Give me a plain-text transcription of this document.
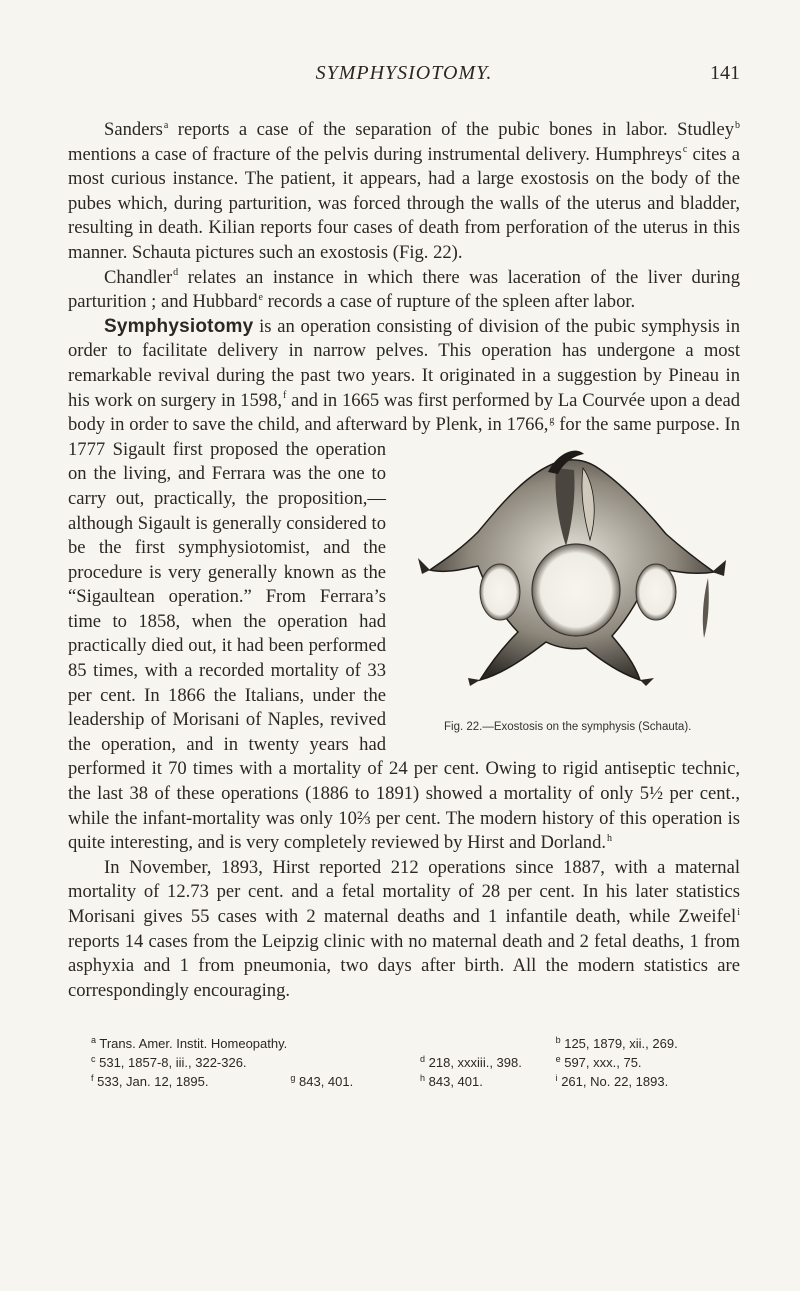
SYMPHYSIOTOMY.	141

Sanders$^a$ reports a case of the separation of the pubic bones in labor. Studley$^b$ mentions a case of fracture of the pelvis during instrumental delivery. Humphreys$^c$ cites a most curious instance. The patient, it appears, had a large exostosis on the body of the pubes which, during parturition, was forced through the walls of the uterus and bladder, resulting in death. Kilian reports four cases of death from perforation of the uterus in this manner. Schauta pictures such an exostosis (Fig. 22).

Chandler$^d$ relates an instance in which there was laceration of the liver during parturition ; and Hubbard$^e$ records a case of rupture of the spleen after labor.

Symphysiotomy is an operation consisting of division of the pubic symphysis in order to facilitate delivery in narrow pelves. This operation has undergone a most remarkable revival during the past two years. It originated in a suggestion by Pineau in his work on surgery in 1598,$^f$ and in 1665 was first performed by La Courvée upon a dead body in order to save the child, and afterward by Plenk, in 1766,$^g$
Fig. 22.—Exostosis on the symphysis (Schauta).
for the same purpose. In 1777 Sigault first proposed the operation on the living, and Ferrara was the one to carry out, practically, the proposition,—although Sigault is generally considered to be the first symphysiotomist, and the procedure is very generally known as the “Sigaultean operation.” From Ferrara’s time to 1858, when the operation had practically died out, it had been performed 85 times, with a recorded mortality of 33 per cent. In 1866 the Italians, under the leadership of Morisani of Naples, revived the operation, and in twenty years had performed it 70 times with a mortality of 24 per cent. Owing to rigid antiseptic technic, the last 38 of these operations (1886 to 1891) showed a mortality of only 5½ per cent., while the infant-mortality was only 10⅔ per cent. The modern history of this operation is quite interesting, and is very completely reviewed by Hirst and Dorland.$^h$

In November, 1893, Hirst reported 212 operations since 1887, with a maternal mortality of 12.73 per cent. and a fetal mortality of 28 per cent. In his later statistics Morisani gives 55 cases with 2 maternal deaths and 1 infantile death, while Zweifel$^i$ reports 14 cases from the Leipzig clinic with no maternal death and 2 fetal deaths, 1 from asphyxia and 1 from pneumonia, two days after birth. All the modern statistics are correspondingly encouraging.

$^a$ Trans. Amer. Instit. Homeopathy.	$^b$ 125, 1879, xii., 269.
$^c$ 531, 1857-8, iii., 322-326.	$^d$ 218, xxxiii., 398.	$^e$ 597, xxx., 75.
$^f$ 533, Jan. 12, 1895.	$^g$ 843, 401.	$^h$ 843, 401.	$^i$ 261, No. 22, 1893.
